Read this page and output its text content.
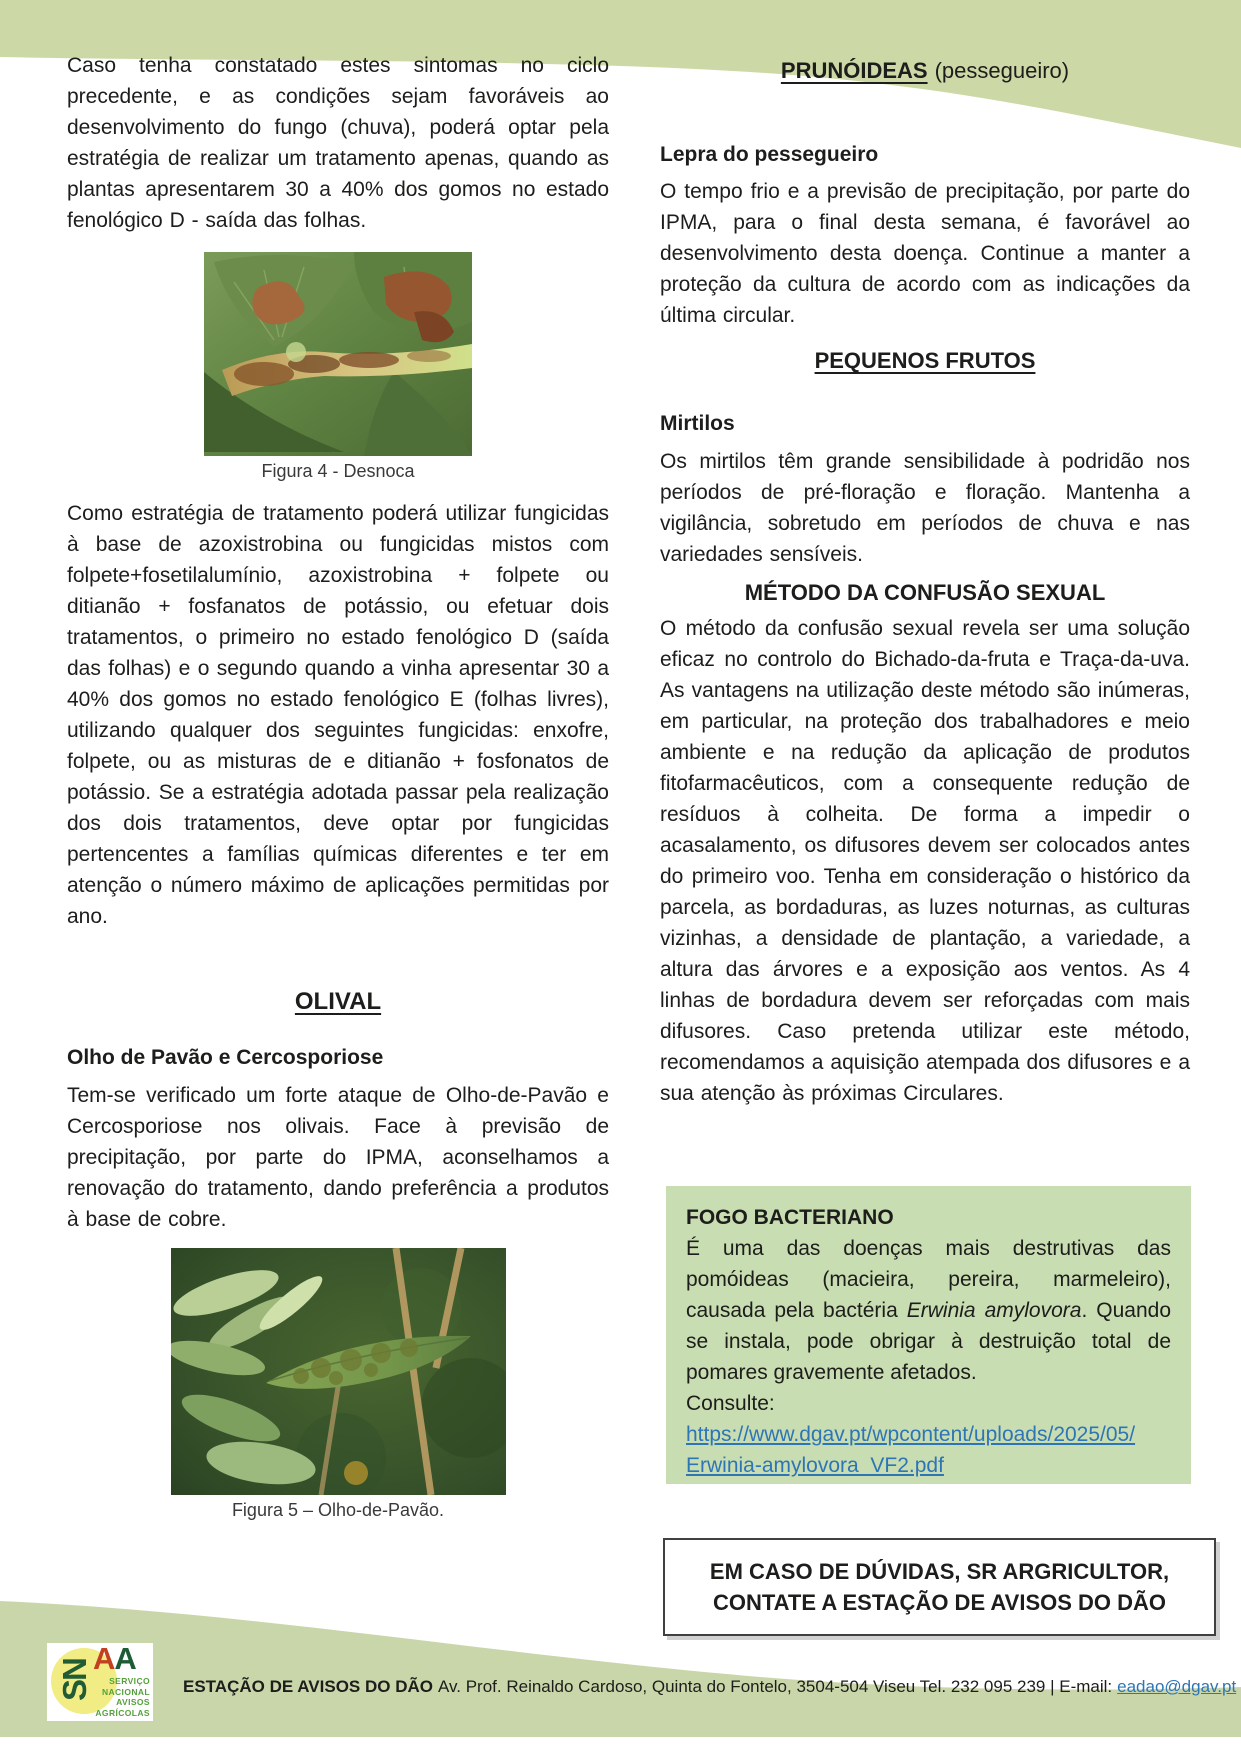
Caso tenha constatado estes sintomas no ciclo precedente, e as condições sejam favoráveis ao desenvolvimento do fungo (chuva), poderá optar pela estratégia de realizar um tratamento apenas, quando as plantas apresentarem 30 a 40% dos gomos no estado fenológico D - saída das folhas.
Figura 4 - Desnoca
Como estratégia de tratamento poderá utilizar fungicidas à base de azoxistrobina ou fungicidas mistos com folpete+fosetilalumínio, azoxistrobina + folpete ou ditianão + fosfanatos de potássio, ou efetuar dois tratamentos, o primeiro no estado fenológico D (saída das folhas) e o segundo quando a vinha apresentar 30 a 40% dos gomos no estado fenológico E (folhas livres), utilizando qualquer dos seguintes fungicidas: enxofre, folpete, ou as misturas de e ditianão + fosfonatos de potássio. Se a estratégia adotada passar pela realização dos dois tratamentos, deve optar por fungicidas pertencentes a famílias químicas diferentes e ter em atenção o número máximo de aplicações permitidas por ano.
OLIVAL
Olho de Pavão e Cercosporiose
Tem-se verificado um forte ataque de Olho-de-Pavão e Cercosporiose nos olivais. Face à previsão de precipitação, por parte do IPMA, aconselhamos a renovação do tratamento, dando preferência a produtos à base de cobre.
Figura 5 – Olho-de-Pavão.
PRUNÓIDEAS (pessegueiro)
Lepra do pessegueiro
O tempo frio e a previsão de precipitação, por parte do IPMA, para o final desta semana, é favorável ao desenvolvimento desta doença. Continue a manter a proteção da cultura de acordo com as indicações da última circular.
PEQUENOS FRUTOS
Mirtilos
Os mirtilos têm grande sensibilidade à podridão nos períodos de pré-floração e floração. Mantenha a vigilância, sobretudo em períodos de chuva e nas variedades sensíveis.
MÉTODO DA CONFUSÃO SEXUAL
O método da confusão sexual revela ser uma solução eficaz no controlo do Bichado-da-fruta e Traça-da-uva. As vantagens na utilização deste método são inúmeras, em particular, na proteção dos trabalhadores e meio ambiente e na redução da aplicação de produtos fitofarmacêuticos, com a consequente redução de resíduos à colheita. De forma a impedir o acasalamento, os difusores devem ser colocados antes do primeiro voo. Tenha em consideração o histórico da parcela, as bordaduras, as luzes noturnas, as culturas vizinhas, a densidade de plantação, a variedade, a altura das árvores e a exposição aos ventos. As 4 linhas de bordadura devem ser reforçadas com mais difusores. Caso pretenda utilizar este método, recomendamos a aquisição atempada dos difusores e a sua atenção às próximas Circulares.
FOGO BACTERIANO
É uma das doenças mais destrutivas das pomóideas (macieira, pereira, marmeleiro), causada pela bactéria Erwinia amylovora. Quando se instala, pode obrigar à destruição total de pomares gravemente afetados.
Consulte:
https://www.dgav.pt/wpcontent/uploads/2025/05/
Erwinia-amylovora_VF2.pdf
EM CASO DE DÚVIDAS, SR ARGRICULTOR,
CONTATE A ESTAÇÃO DE AVISOS DO DÃO
SN
AA
SERVIÇO
NACIONAL
AVISOS
AGRÍCOLAS
ESTAÇÃO DE AVISOS DO DÃO Av. Prof. Reinaldo Cardoso, Quinta do Fontelo, 3504-504 Viseu Tel. 232 095 239 | E-mail: eadao@dgav.pt
